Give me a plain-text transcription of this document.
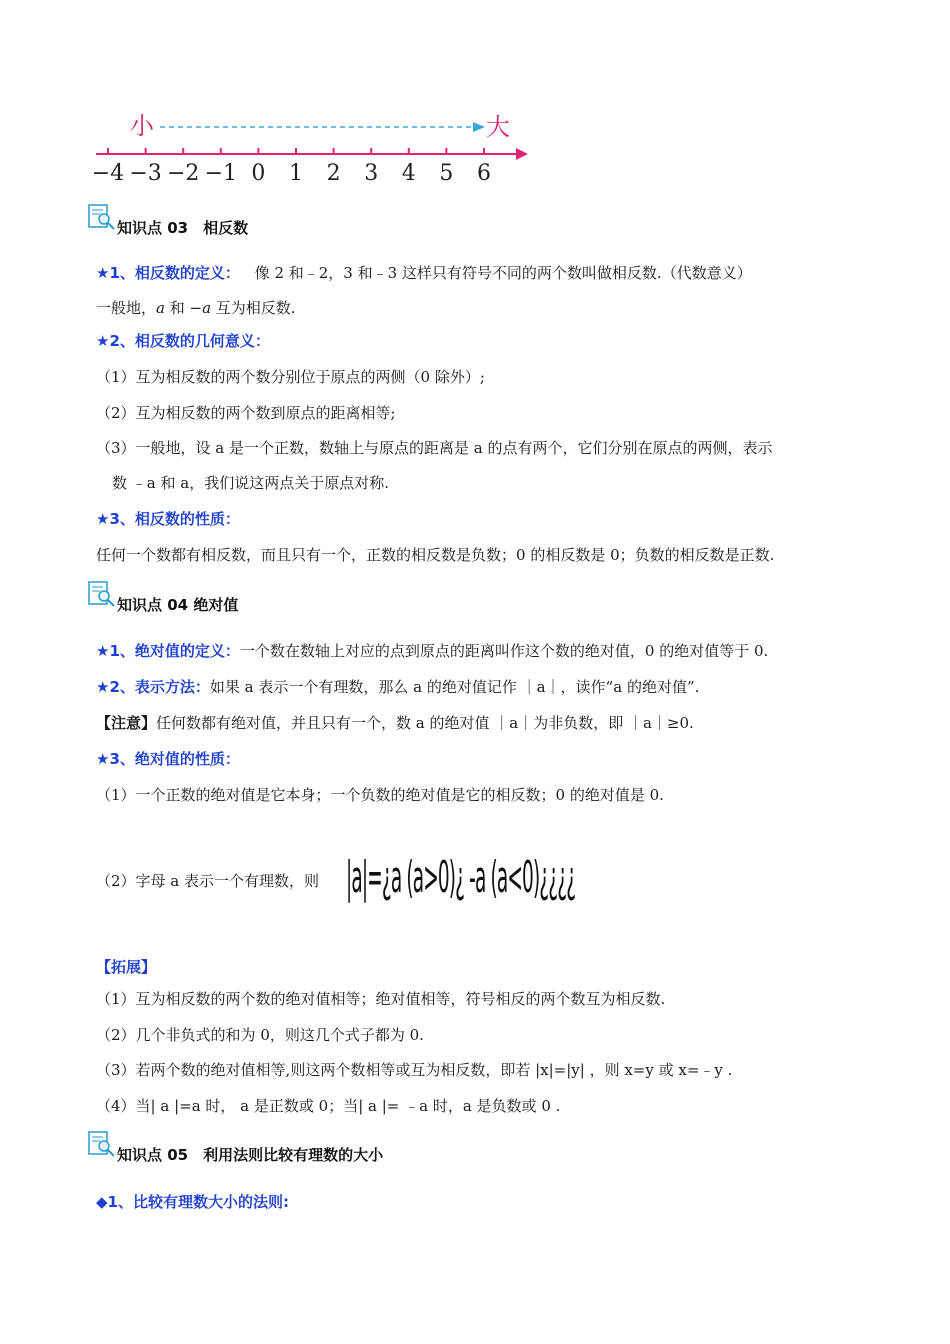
小	大
−4 −3 −2 −1 0 1 2 3 4 5 6
知识点 03　相反数
★1、相反数的定义： 像 2 和﹣2，3 和﹣3 这样只有符号不同的两个数叫做相反数.（代数意义）
一般地，a 和 −a 互为相反数.
★2、相反数的几何意义：
（1）互为相反数的两个数分别位于原点的两侧（0 除外）;
（2）互为相反数的两个数到原点的距离相等;
（3）一般地，设 a 是一个正数，数轴上与原点的距离是 a 的点有两个，它们分别在原点的两侧，表示
数 ﹣a 和 a，我们说这两点关于原点对称.
★3、相反数的性质：
任何一个数都有相反数，而且只有一个，正数的相反数是负数；0 的相反数是 0；负数的相反数是正数.
知识点 04 绝对值
★1、绝对值的定义：一个数在数轴上对应的点到原点的距离叫作这个数的绝对值，0 的绝对值等于 0.
★2、表示方法：如果 a 表示一个有理数，那么 a 的绝对值记作 ｜a｜，读作“a 的绝对值”.
【注意】任何数都有绝对值，并且只有一个，数 a 的绝对值 ｜a｜为非负数，即 ｜a｜≥0.
★3、绝对值的性质：
（1）一个正数的绝对值是它本身；一个负数的绝对值是它的相反数；0 的绝对值是 0.
（2）字母 a 表示一个有理数，则 |a|=¿a (a>0)¿ -a (a<0)¿¿¿¿
【拓展】
（1）互为相反数的两个数的绝对值相等；绝对值相等，符号相反的两个数互为相反数.
（2）几个非负式的和为 0，则这几个式子都为 0.
（3）若两个数的绝对值相等,则这两个数相等或互为相反数，即若 |x|=|y| ，则 x=y 或 x=﹣y .
（4）当| a |=a 时， a 是正数或 0；当| a |= ﹣a 时，a 是负数或 0 .
知识点 05　利用法则比较有理数的大小
◆1、比较有理数大小的法则:
